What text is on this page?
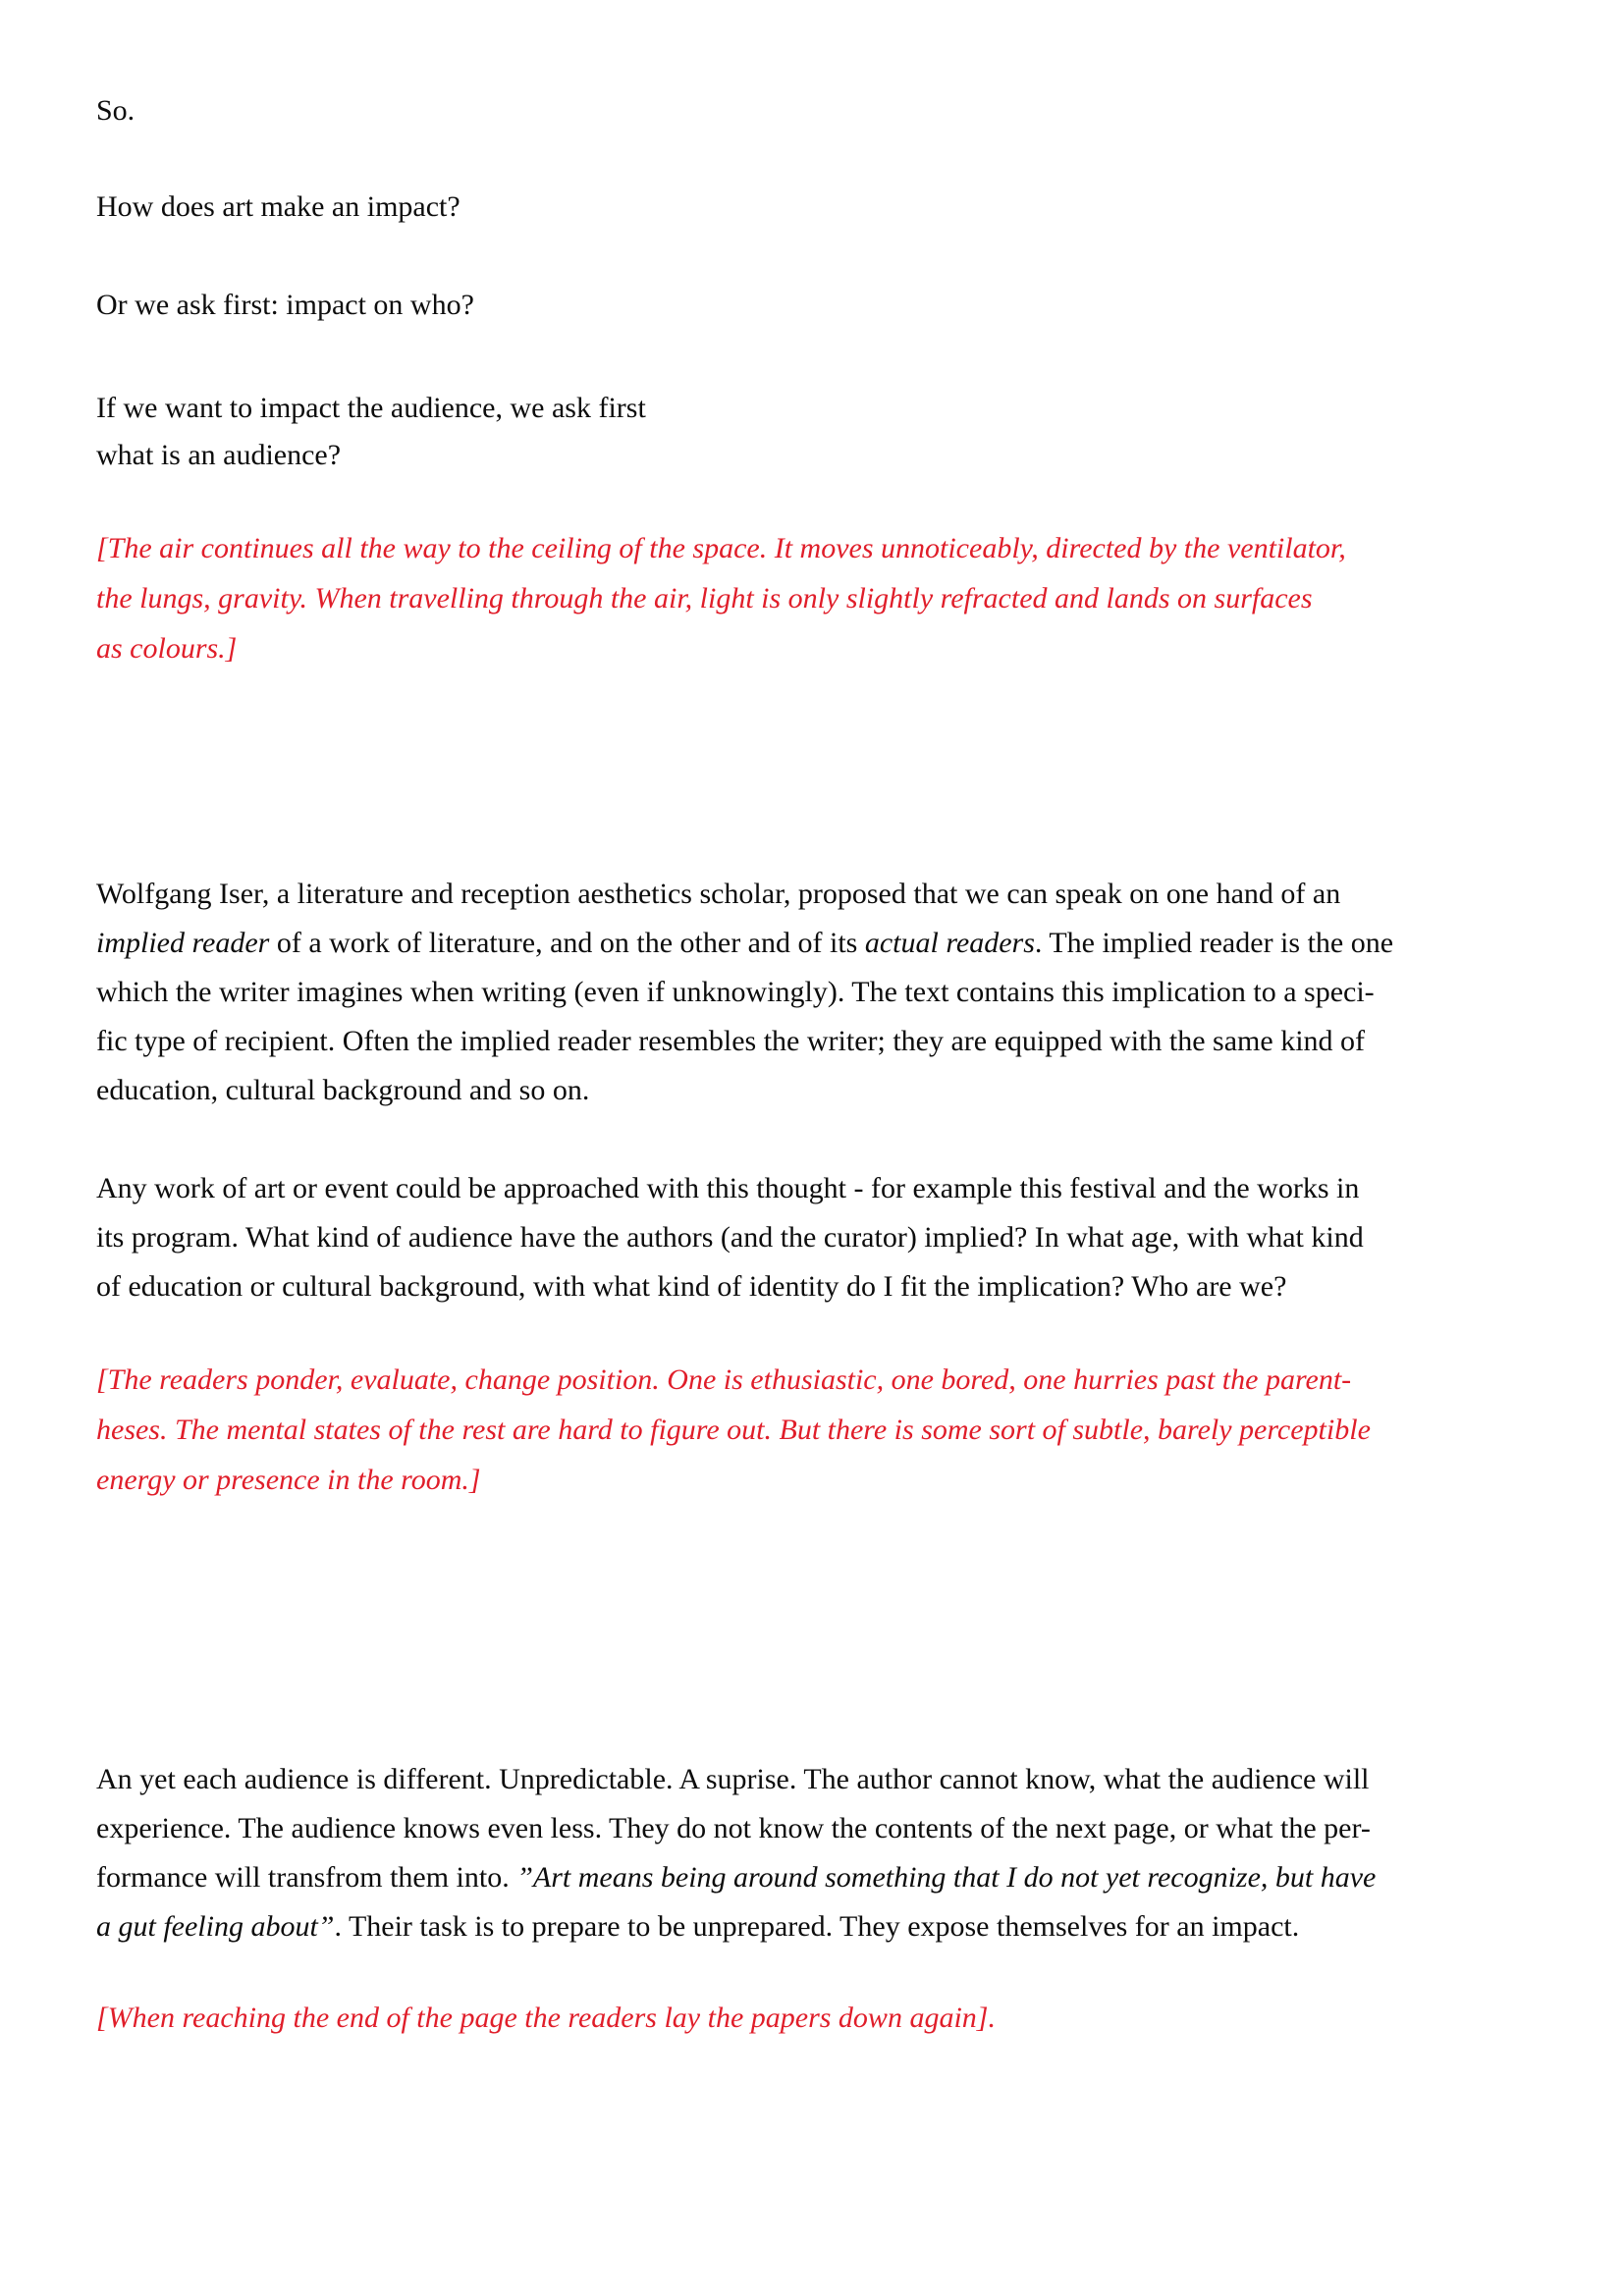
So.
How does art make an impact?
Or we ask first: impact on who?
If we want to impact the audience, we ask first
what is an audience?
[The air continues all the way to the ceiling of the space. It moves unnoticeably, directed by the ventilator,
the lungs, gravity. When travelling through the air, light is only slightly refracted and lands on surfaces
as colours.]
Wolfgang Iser, a literature and reception aesthetics scholar, proposed that we can speak on one hand of an
implied reader of a work of literature, and on the other and of its actual readers. The implied reader is the one
which the writer imagines when writing (even if unknowingly). The text contains this implication to a speci-
fic type of recipient. Often the implied reader resembles the writer; they are equipped with the same kind of
education, cultural background and so on.
Any work of art or event could be approached with this thought - for example this festival and the works in
its program. What kind of audience have the authors (and the curator) implied? In what age, with what kind
of education or cultural background, with what kind of identity do I fit the implication? Who are we?
[The readers ponder, evaluate, change position. One is ethusiastic, one bored, one hurries past the parent-
heses. The mental states of the rest are hard to figure out. But there is some sort of subtle, barely perceptible
energy or presence in the room.]
An yet each audience is different. Unpredictable. A suprise. The author cannot know, what the audience will
experience. The audience knows even less. They do not know the contents of the next page, or what the per-
formance will transfrom them into. ”Art means being around something that I do not yet recognize, but have
a gut feeling about”. Their task is to prepare to be unprepared. They expose themselves for an impact.
[When reaching the end of the page the readers lay the papers down again].
